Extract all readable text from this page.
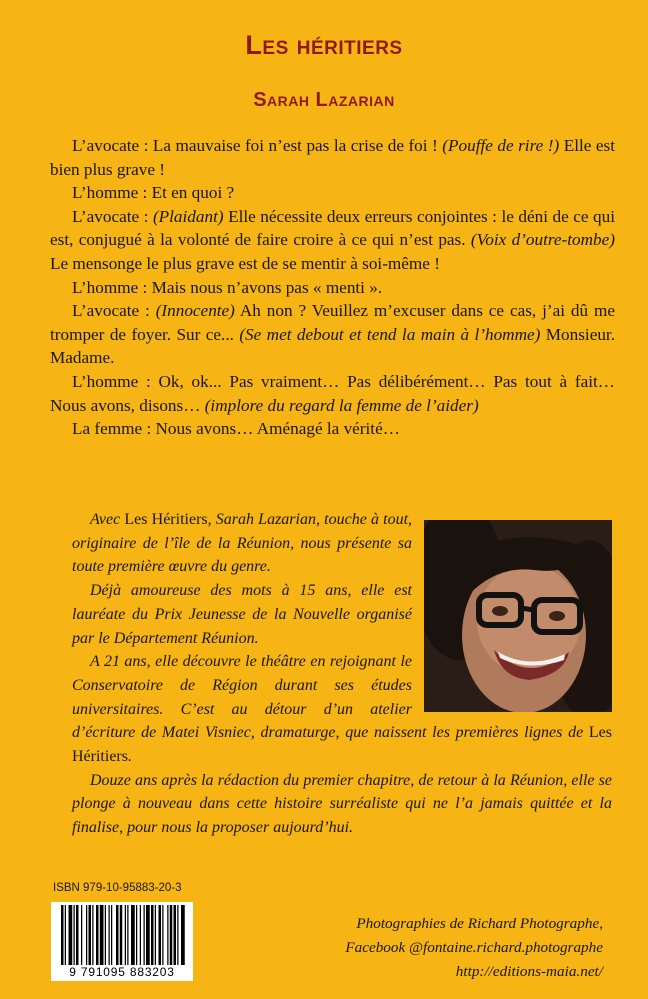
Les héritiers
Sarah Lazarian

L’avocate : La mauvaise foi n’est pas la crise de foi ! (Pouffe de rire !) Elle est bien plus grave !

L’homme : Et en quoi ?

L’avocate : (Plaidant) Elle nécessite deux erreurs conjointes : le déni de ce qui est, conjugué à la volonté de faire croire à ce qui n’est pas. (Voix d’outre-tombe) Le mensonge le plus grave est de se mentir à soi-même !

L’homme : Mais nous n’avons pas « menti ».

L’avocate : (Innocente) Ah non ? Veuillez m’excuser dans ce cas, j’ai dû me tromper de foyer. Sur ce... (Se met debout et tend la main à l’homme) Monsieur. Madame.

L’homme : Ok, ok... Pas vraiment… Pas délibérément… Pas tout à fait… Nous avons, disons… (implore du regard la femme de l’aider)

La femme : Nous avons… Aménagé la vérité…

Avec Les Héritiers, Sarah Lazarian, touche à tout, originaire de l’île de la Réunion, nous présente sa toute première œuvre du genre.

Déjà amoureuse des mots à 15 ans, elle est lauréate du Prix Jeunesse de la Nouvelle organisé par le Département Réunion.

A 21 ans, elle découvre le théâtre en rejoignant le Conservatoire de Région durant ses études universitaires. C’est au détour d’un atelier d’écriture de Matei Visniec, dramaturge, que naissent les premières lignes de Les Héritiers.

Douze ans après la rédaction du premier chapitre, de retour à la Réunion, elle se plonge à nouveau dans cette histoire surréaliste qui ne l’a jamais quittée et la finalise, pour nous la proposer aujourd’hui.

ISBN 979-10-95883-20-3
9 791095 883203
Photographies de Richard Photographe,
Facebook @fontaine.richard.photographe
http://editions-maia.net/
